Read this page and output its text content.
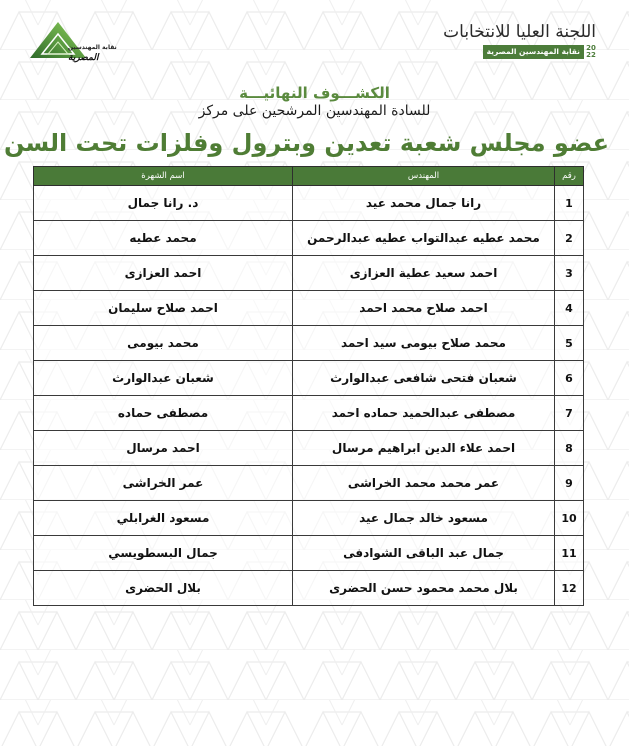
نقابة المهندسين
المصرية
اللجنة العليا للانتخابات
نقابة المهندسين المصرية 20
22
الكشـــوف النهائيـــة
للسادة المهندسين المرشحين على مركز
عضو مجلس شعبة تعدين وبترول وفلزات تحت السن
رقم	المهندس	اسم الشهرة
1	رانا جمال محمد عيد	د. رانا جمال
2	محمد عطيه عبدالتواب عطيه عبدالرحمن	محمد عطيه
3	احمد سعيد عطية العزازى	احمد العزازى
4	احمد صلاح محمد احمد	احمد صلاح سليمان
5	محمد صلاح بيومى سيد احمد	محمد بيومى
6	شعبان فتحى شافعى عبدالوارث	شعبان عبدالوارث
7	مصطفى عبدالحميد حماده احمد	مصطفى حماده
8	احمد علاء الدين ابراهيم مرسال	احمد مرسال
9	عمر محمد محمد الخراشى	عمر الخراشى
10	مسعود خالد جمال عيد	مسعود الغرابلي
11	جمال عبد الباقى الشوادفى	جمال البسطويسي
12	بلال محمد محمود حسن الحضرى	بلال الحضرى
